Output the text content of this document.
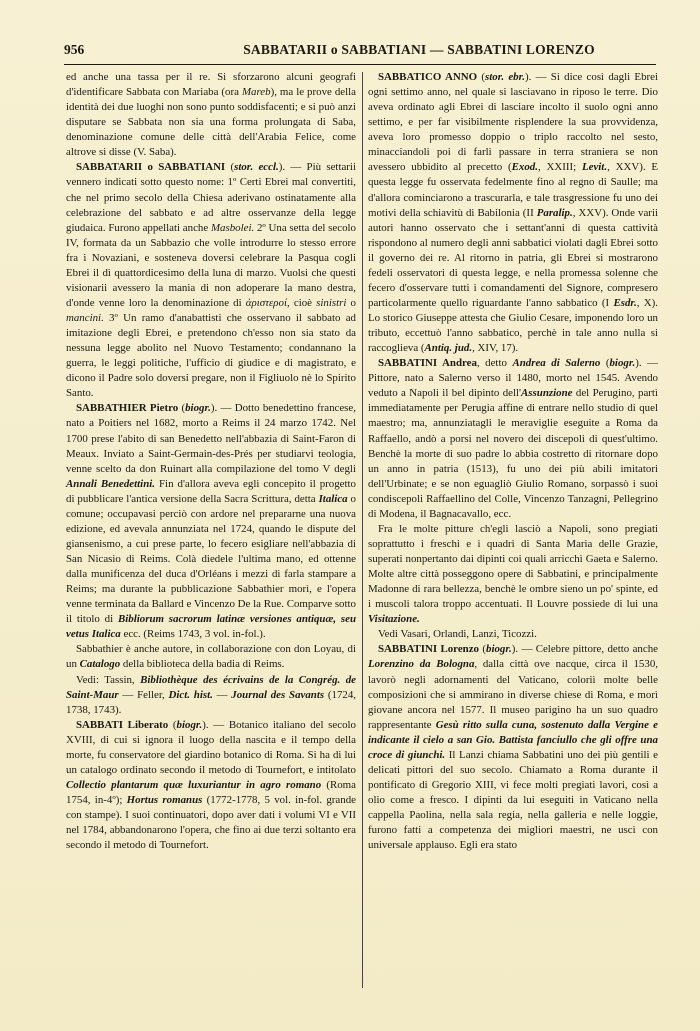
956	SABBATARII o SABBATIANI — SABBATINI LORENZO

ed anche una tassa per il re. Si sforzarono alcuni geografi d'identificare Sabbata con Mariaba (ora Mareb), ma le prove della identità dei due luoghi non sono punto soddisfacenti; e si può anzi disputare se Sabbata non sia una forma prolungata di Saba, denominazione comune delle città dell'Arabia Felice, come altrove si disse (V. Saba).

SABBATARII o SABBATIANI (stor. eccl.). — Più settarii vennero indicati sotto questo nome: 1º Certi Ebrei mal convertiti, che nel primo secolo della Chiesa aderivano ostinatamente alla celebrazione del sabbato e ad altre osservanze della legge giudaica. Furono appellati anche Masbolei. 2º Una setta del secolo IV, formata da un Sabbazio che volle introdurre lo stesso errore fra i Novaziani, e sosteneva doversi celebrare la Pasqua cogli Ebrei il dì quattordicesimo della luna di marzo. Vuolsi che questi visionarii avessero la mania di non adoperare la mano destra, d'onde venne loro la denominazione di ἀριστεροί, cioè sinistri o mancini. 3º Un ramo d'anabattisti che osservano il sabbato ad imitazione degli Ebrei, e pretendono ch'esso non sia stato da nessuna legge abolito nel Nuovo Testamento; condannano la guerra, le leggi politiche, l'ufficio di giudice e di magistrato, e dicono il Padre solo doversi pregare, non il Figliuolo nè lo Spirito Santo.

SABBATHIER Pietro (biogr.). — Dotto benedettino francese, nato a Poitiers nel 1682, morto a Reims il 24 marzo 1742. Nel 1700 prese l'abito di san Benedetto nell'abbazia di Saint-Faron di Meaux. Inviato a Saint-Germain-des-Prés per studiarvi teologia, venne scelto da don Ruinart alla compilazione del tomo V degli Annali Benedettini. Fin d'allora aveva egli concepito il progetto di pubblicare l'antica versione della Sacra Scrittura, detta Italica o comune; occupavasi perciò con ardore nel prepararne una nuova edizione, ed avevala annunziata nel 1724, quando le dispute del giansenismo, a cui prese parte, lo fecero esigliare nell'abbazia di San Nicasio di Reims. Colà diedele l'ultima mano, ed ottenne dalla munificenza del duca d'Orléans i mezzi di farla stampare a Reims; ma durante la pubblicazione Sabbathier morì, e l'opera venne terminata da Ballard e Vincenzo De la Rue. Comparve sotto il titolo di Bibliorum sacrorum latinæ versiones antiquæ, seu vetus Italica ecc. (Reims 1743, 3 vol. in-fol.).

Sabbathier è anche autore, in collaborazione con don Loyau, di un Catalogo della biblioteca della badia di Reims.

Vedi: Tassin, Bibliothèque des écrivains de la Congrég. de Saint-Maur — Feller, Dict. hist. — Journal des Savants (1724, 1738, 1743).

SABBATI Liberato (biogr.). — Botanico italiano del secolo XVIII, di cui si ignora il luogo della nascita e il tempo della morte, fu conservatore del giardino botanico di Roma. Si ha di lui un catalogo ordinato secondo il metodo di Tournefort, e intitolato Collectio plantarum quæ luxuriantur in agro romano (Roma 1754, in-4º); Hortus romanus (1772-1778, 5 vol. in-fol. grande con stampe). I suoi continuatori, dopo aver dati i volumi VI e VII nel 1784, abbandonarono l'opera, che fino ai due terzi soltanto era secondo il metodo di Tournefort.

SABBATICO ANNO (stor. ebr.). — Si dice così dagli Ebrei ogni settimo anno, nel quale si lasciavano in riposo le terre. Dio aveva ordinato agli Ebrei di lasciare incolto il suolo ogni anno settimo, e per far visibilmente risplendere la sua provvidenza, aveva loro promesso doppio o triplo raccolto nel sesto, minacciandoli poi di farli passare in terra straniera se non avessero ubbidito al precetto (Exod., XXIII; Levit., XXV). E questa legge fu osservata fedelmente fino al regno di Saulle; ma d'allora cominciarono a trascurarla, e tale trasgressione fu uno dei motivi della schiavitù di Babilonia (II Paralip., XXV). Onde varii autori hanno osservato che i settant'anni di questa cattività rispondono al numero degli anni sabbatici violati dagli Ebrei sotto il governo dei re. Al ritorno in patria, gli Ebrei si mostrarono fedeli osservatori di questa legge, e nella promessa solenne che fecero d'osservare tutti i comandamenti del Signore, compresero particolarmente quello riguardante l'anno sabbatico (I Esdr., X). Lo storico Giuseppe attesta che Giulio Cesare, imponendo loro un tributo, eccettuò l'anno sabbatico, perchè in tale anno nulla si raccoglieva (Antiq. jud., XIV, 17).

SABBATINI Andrea, detto Andrea di Salerno (biogr.). — Pittore, nato a Salerno verso il 1480, morto nel 1545. Avendo veduto a Napoli il bel dipinto dell'Assunzione del Perugino, partì immediatamente per Perugia affine di entrare nello studio di quel maestro; ma, annunziatagli le meraviglie eseguite a Roma da Raffaello, andò a porsi nel novero dei discepoli di quest'ultimo. Benchè la morte di suo padre lo abbia costretto di ritornare dopo un anno in patria (1513), fu uno dei più abili imitatori dell'Urbinate; e se non eguagliò Giulio Romano, sorpassò i suoi condiscepoli Raffaellino del Colle, Vincenzo Tanzagni, Pellegrino di Modena, il Bagnacavallo, ecc.

Fra le molte pitture ch'egli lasciò a Napoli, sono pregiati soprattutto i freschi e i quadri di Santa Maria delle Grazie, superati nonpertanto dai dipinti coi quali arricchì Gaeta e Salerno. Molte altre città posseggono opere di Sabbatini, e principalmente Madonne di rara bellezza, benchè le ombre sieno un po' spinte, ed i muscoli talora troppo accentuati. Il Louvre possiede di lui una Visitazione.

Vedi Vasari, Orlandi, Lanzi, Ticozzi.

SABBATINI Lorenzo (biogr.). — Celebre pittore, detto anche Lorenzino da Bologna, dalla città ove nacque, circa il 1530, lavorò negli adornamenti del Vaticano, coloriì molte belle composizioni che si ammirano in diverse chiese di Roma, e morì giovane ancora nel 1577. Il museo parigino ha un suo quadro rappresentante Gesù ritto sulla cuna, sostenuto dalla Vergine e indicante il cielo a san Gio. Battista fanciullo che gli offre una croce di giunchi. Il Lanzi chiama Sabbatini uno dei più gentili e delicati pittori del suo secolo. Chiamato a Roma durante il pontificato di Gregorio XIII, vi fece molti pregiati lavori, così a olio come a fresco. I dipinti da lui eseguiti in Vaticano nella cappella Paolina, nella sala regia, nella galleria e nelle loggie, furono fatti a competenza dei migliori maestri, ne uscì con universale applauso. Egli era stato
